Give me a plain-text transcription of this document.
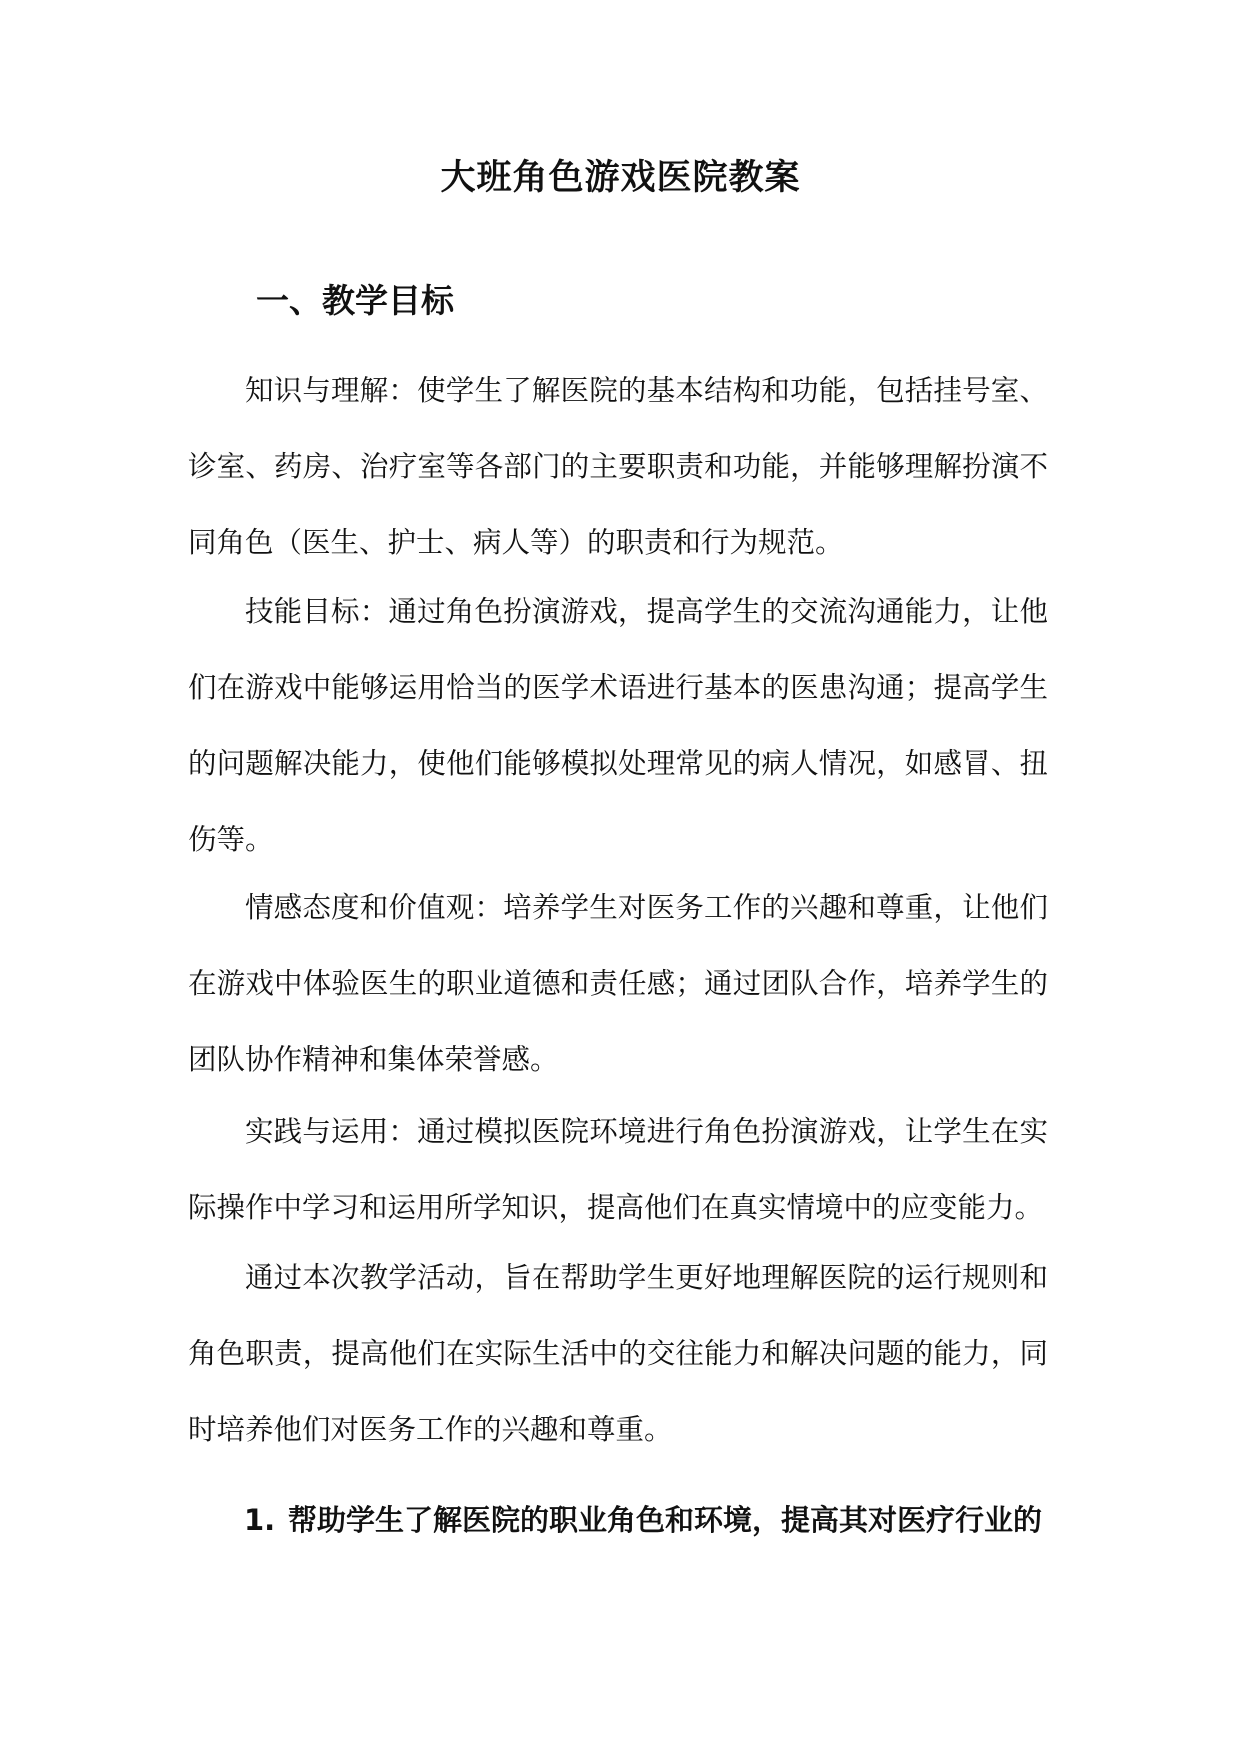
大班角色游戏医院教案
一、教学目标

知识与理解：使学生了解医院的基本结构和功能，包括挂号室、诊室、药房、治疗室等各部门的主要职责和功能，并能够理解扮演不同角色（医生、护士、病人等）的职责和行为规范。

技能目标：通过角色扮演游戏，提高学生的交流沟通能力，让他们在游戏中能够运用恰当的医学术语进行基本的医患沟通；提高学生的问题解决能力，使他们能够模拟处理常见的病人情况，如感冒、扭伤等。

情感态度和价值观：培养学生对医务工作的兴趣和尊重，让他们在游戏中体验医生的职业道德和责任感；通过团队合作，培养学生的团队协作精神和集体荣誉感。

实践与运用：通过模拟医院环境进行角色扮演游戏，让学生在实际操作中学习和运用所学知识，提高他们在真实情境中的应变能力。

通过本次教学活动，旨在帮助学生更好地理解医院的运行规则和角色职责，提高他们在实际生活中的交往能力和解决问题的能力，同时培养他们对医务工作的兴趣和尊重。

1. 帮助学生了解医院的职业角色和环境，提高其对医疗行业的
